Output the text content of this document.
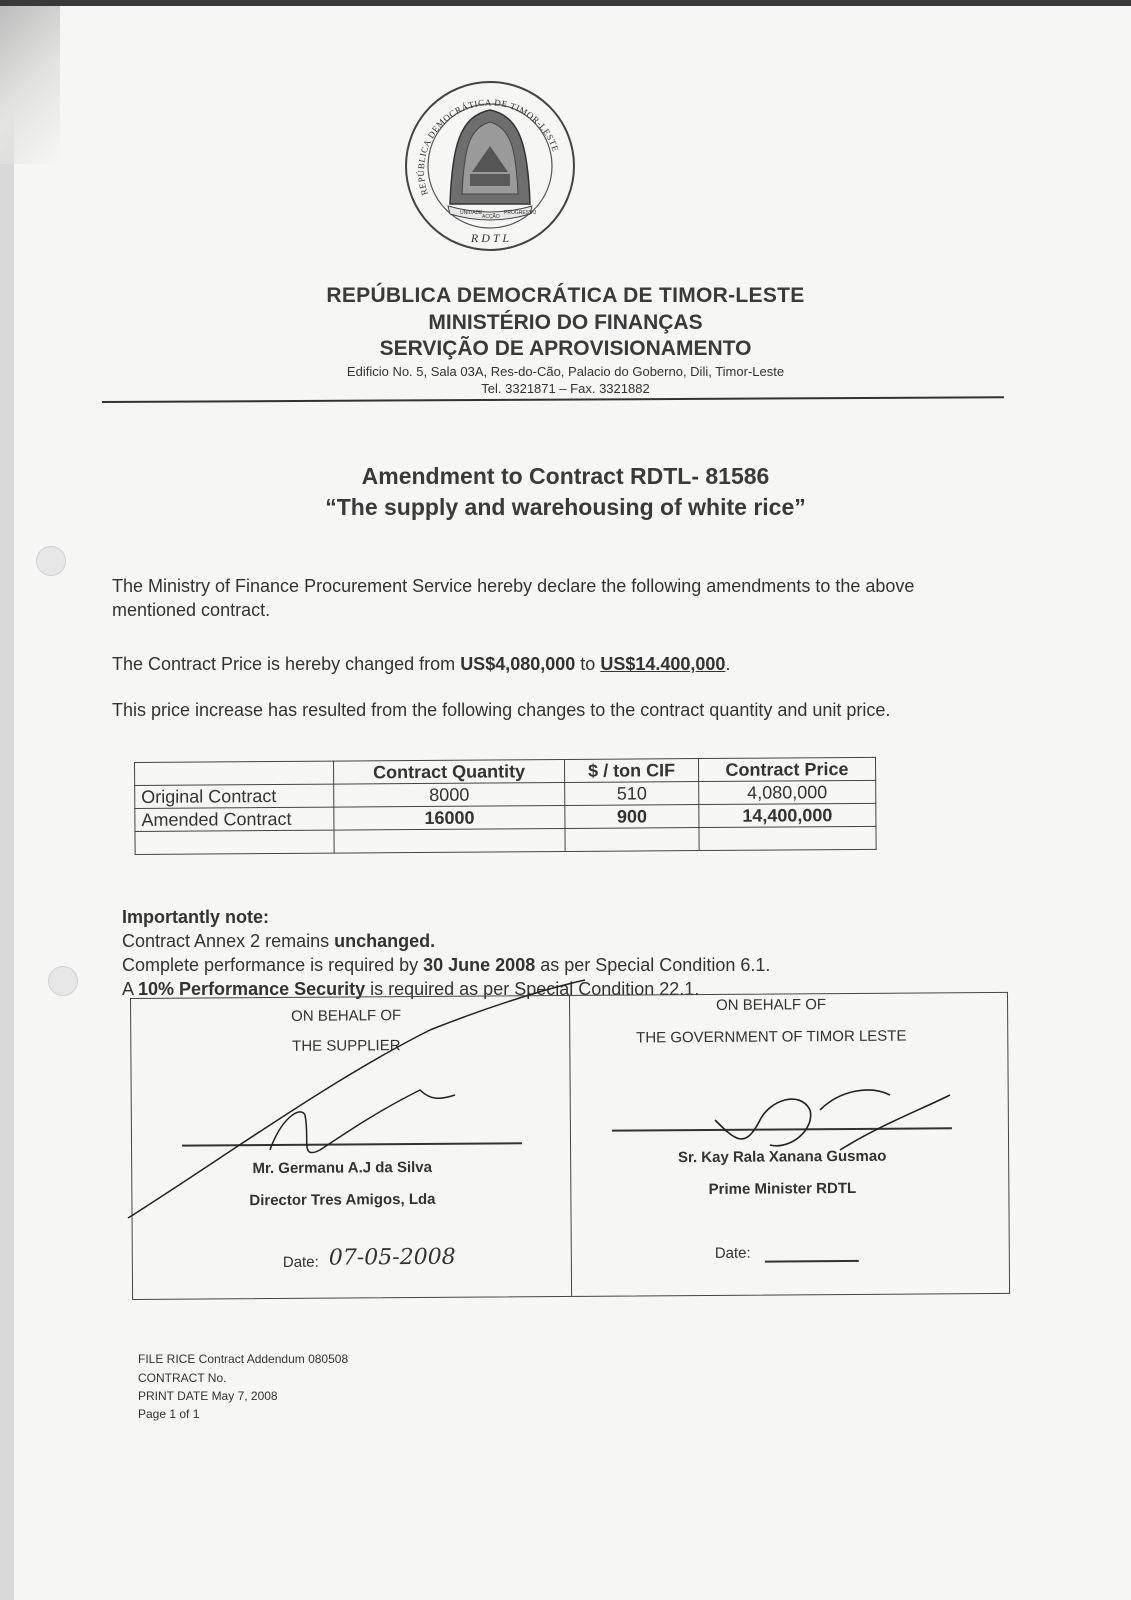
REPÚBLICA DEMOCRÁTICA DE TIMOR-LESTE
UNIDADE
ACÇÃO
PROGRESSO
R D T L
REPÚBLICA DEMOCRÁTICA DE TIMOR-LESTE
MINISTÉRIO DO FINANÇAS
SERVIÇÃO DE APROVISIONAMENTO
Edificio No. 5, Sala 03A, Res-do-Cão, Palacio do Goberno, Dili, Timor-Leste
Tel. 3321871 – Fax. 3321882
Amendment to Contract RDTL- 81586
“The supply and warehousing of white rice”
The Ministry of Finance Procurement Service hereby declare the following amendments to the above mentioned contract.
The Contract Price is hereby changed from US$4,080,000 to US$14.400,000.
This price increase has resulted from the following changes to the contract quantity and unit price.
	Contract Quantity	$ / ton CIF	Contract Price
Original Contract	8000	510	4,080,000
Amended Contract	16000	900	14,400,000

Importantly note:
Contract Annex 2 remains unchanged.
Complete performance is required by 30 June 2008 as per Special Condition 6.1.
A 10% Performance Security is required as per Special Condition 22.1.
ON BEHALF OF
THE SUPPLIER
Mr. Germanu A.J da Silva
Director Tres Amigos, Lda
Date: 07-05-2008
ON BEHALF OF
THE GOVERNMENT OF TIMOR LESTE
Sr. Kay Rala Xanana Gusmao
Prime Minister RDTL
Date:
FILE RICE Contract Addendum 080508
CONTRACT No.
PRINT DATE May 7, 2008
Page 1 of 1
